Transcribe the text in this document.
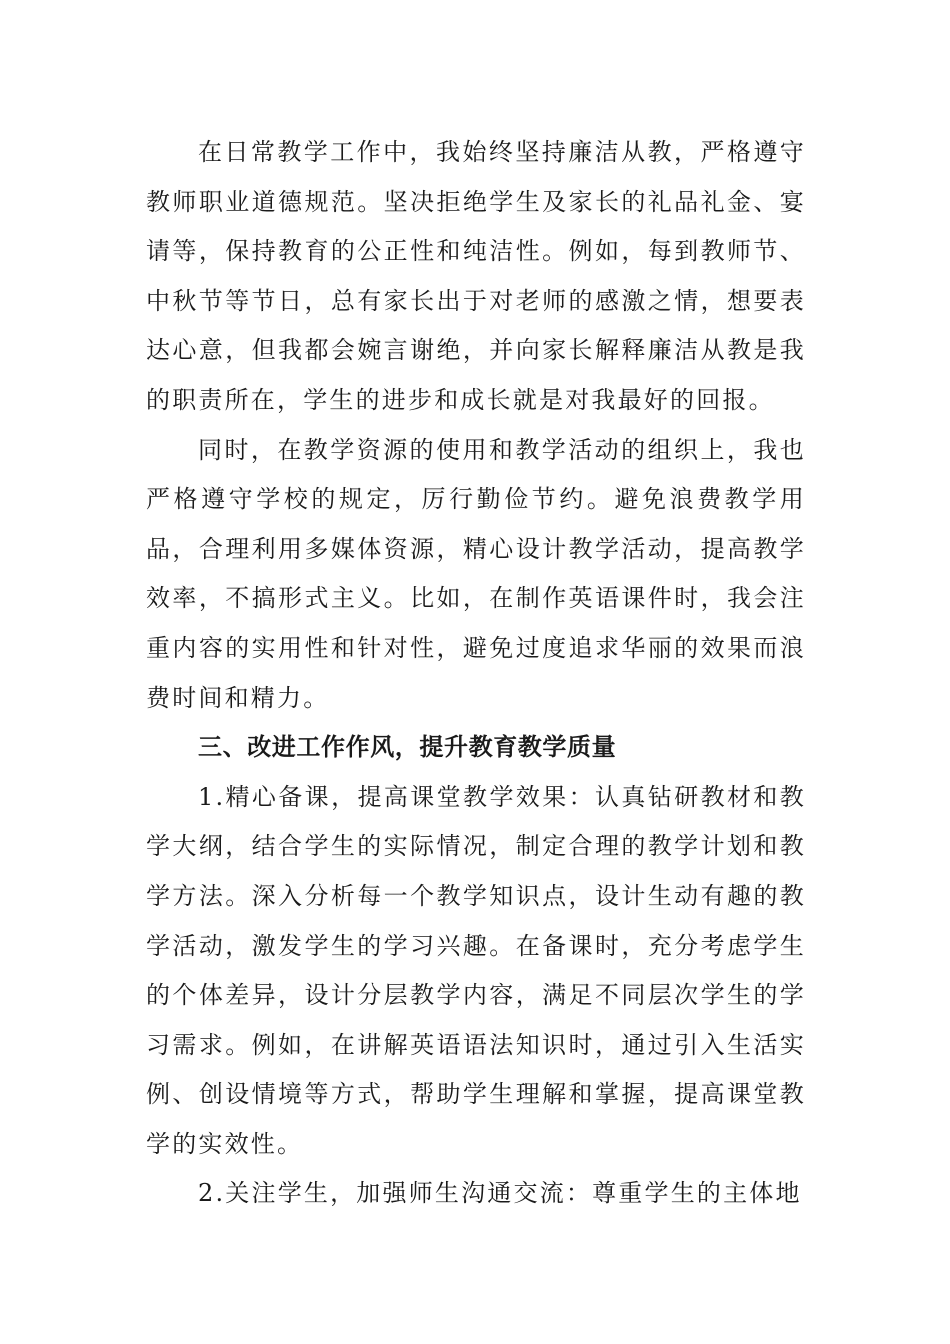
在日常教学工作中，我始终坚持廉洁从教，严格遵守教师职业道德规范。坚决拒绝学生及家长的礼品礼金、宴请等，保持教育的公正性和纯洁性。例如，每到教师节、中秋节等节日，总有家长出于对老师的感激之情，想要表达心意，但我都会婉言谢绝，并向家长解释廉洁从教是我的职责所在，学生的进步和成长就是对我最好的回报。

同时，在教学资源的使用和教学活动的组织上，我也严格遵守学校的规定，厉行勤俭节约。避免浪费教学用品，合理利用多媒体资源，精心设计教学活动，提高教学效率，不搞形式主义。比如，在制作英语课件时，我会注重内容的实用性和针对性，避免过度追求华丽的效果而浪费时间和精力。

三、改进工作作风，提升教育教学质量

1.精心备课，提高课堂教学效果：认真钻研教材和教学大纲，结合学生的实际情况，制定合理的教学计划和教学方法。深入分析每一个教学知识点，设计生动有趣的教学活动，激发学生的学习兴趣。在备课时，充分考虑学生的个体差异，设计分层教学内容，满足不同层次学生的学习需求。例如，在讲解英语语法知识时，通过引入生活实例、创设情境等方式，帮助学生理解和掌握，提高课堂教学的实效性。

2.关注学生，加强师生沟通交流：尊重学生的主体地
